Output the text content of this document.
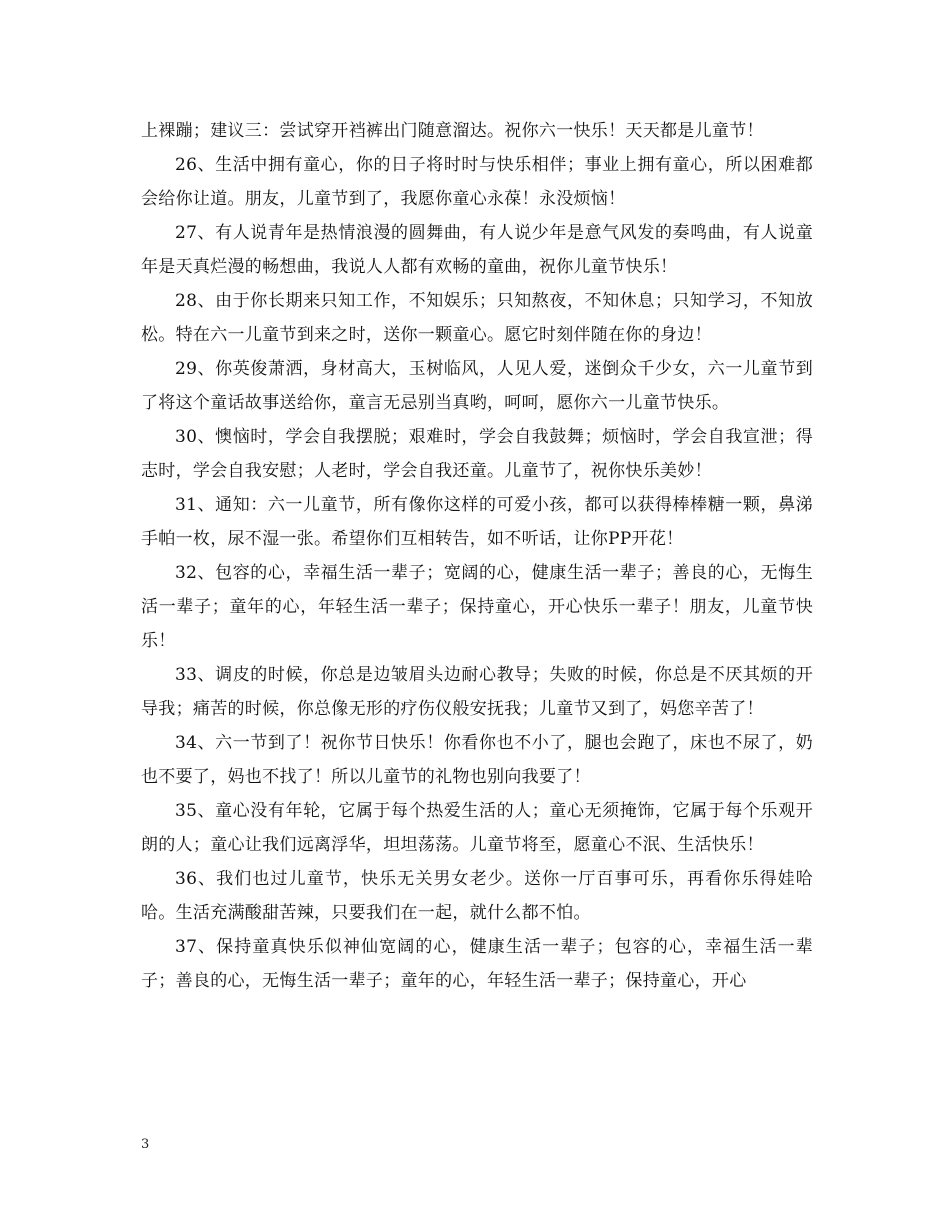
上裸蹦；建议三：尝试穿开裆裤出门随意溜达。祝你六一快乐！天天都是儿童节！

26、生活中拥有童心，你的日子将时时与快乐相伴；事业上拥有童心，所以困难都会给你让道。朋友，儿童节到了，我愿你童心永葆！永没烦恼！

27、有人说青年是热情浪漫的圆舞曲，有人说少年是意气风发的奏鸣曲，有人说童年是天真烂漫的畅想曲，我说人人都有欢畅的童曲，祝你儿童节快乐！

28、由于你长期来只知工作，不知娱乐；只知熬夜，不知休息；只知学习，不知放松。特在六一儿童节到来之时，送你一颗童心。愿它时刻伴随在你的身边！

29、你英俊萧洒，身材高大，玉树临风，人见人爱，迷倒众千少女，六一儿童节到了将这个童话故事送给你，童言无忌别当真哟，呵呵，愿你六一儿童节快乐。

30、懊恼时，学会自我摆脱；艰难时，学会自我鼓舞；烦恼时，学会自我宣泄；得志时，学会自我安慰；人老时，学会自我还童。儿童节了，祝你快乐美妙！

31、通知：六一儿童节，所有像你这样的可爱小孩，都可以获得棒棒糖一颗，鼻涕手帕一枚，尿不湿一张。希望你们互相转告，如不听话，让你PP开花！

32、包容的心，幸福生活一辈子；宽阔的心，健康生活一辈子；善良的心，无悔生活一辈子；童年的心，年轻生活一辈子；保持童心，开心快乐一辈子！朋友，儿童节快乐！

33、调皮的时候，你总是边皱眉头边耐心教导；失败的时候，你总是不厌其烦的开导我；痛苦的时候，你总像无形的疗伤仪般安抚我；儿童节又到了，妈您辛苦了！

34、六一节到了！祝你节日快乐！你看你也不小了，腿也会跑了，床也不尿了，奶也不要了，妈也不找了！所以儿童节的礼物也别向我要了！

35、童心没有年轮，它属于每个热爱生活的人；童心无须掩饰，它属于每个乐观开朗的人；童心让我们远离浮华，坦坦荡荡。儿童节将至，愿童心不泯、生活快乐！

36、我们也过儿童节，快乐无关男女老少。送你一厅百事可乐，再看你乐得娃哈哈。生活充满酸甜苦辣，只要我们在一起，就什么都不怕。

37、保持童真快乐似神仙宽阔的心，健康生活一辈子；包容的心，幸福生活一辈子；善良的心，无悔生活一辈子；童年的心，年轻生活一辈子；保持童心，开心

3
